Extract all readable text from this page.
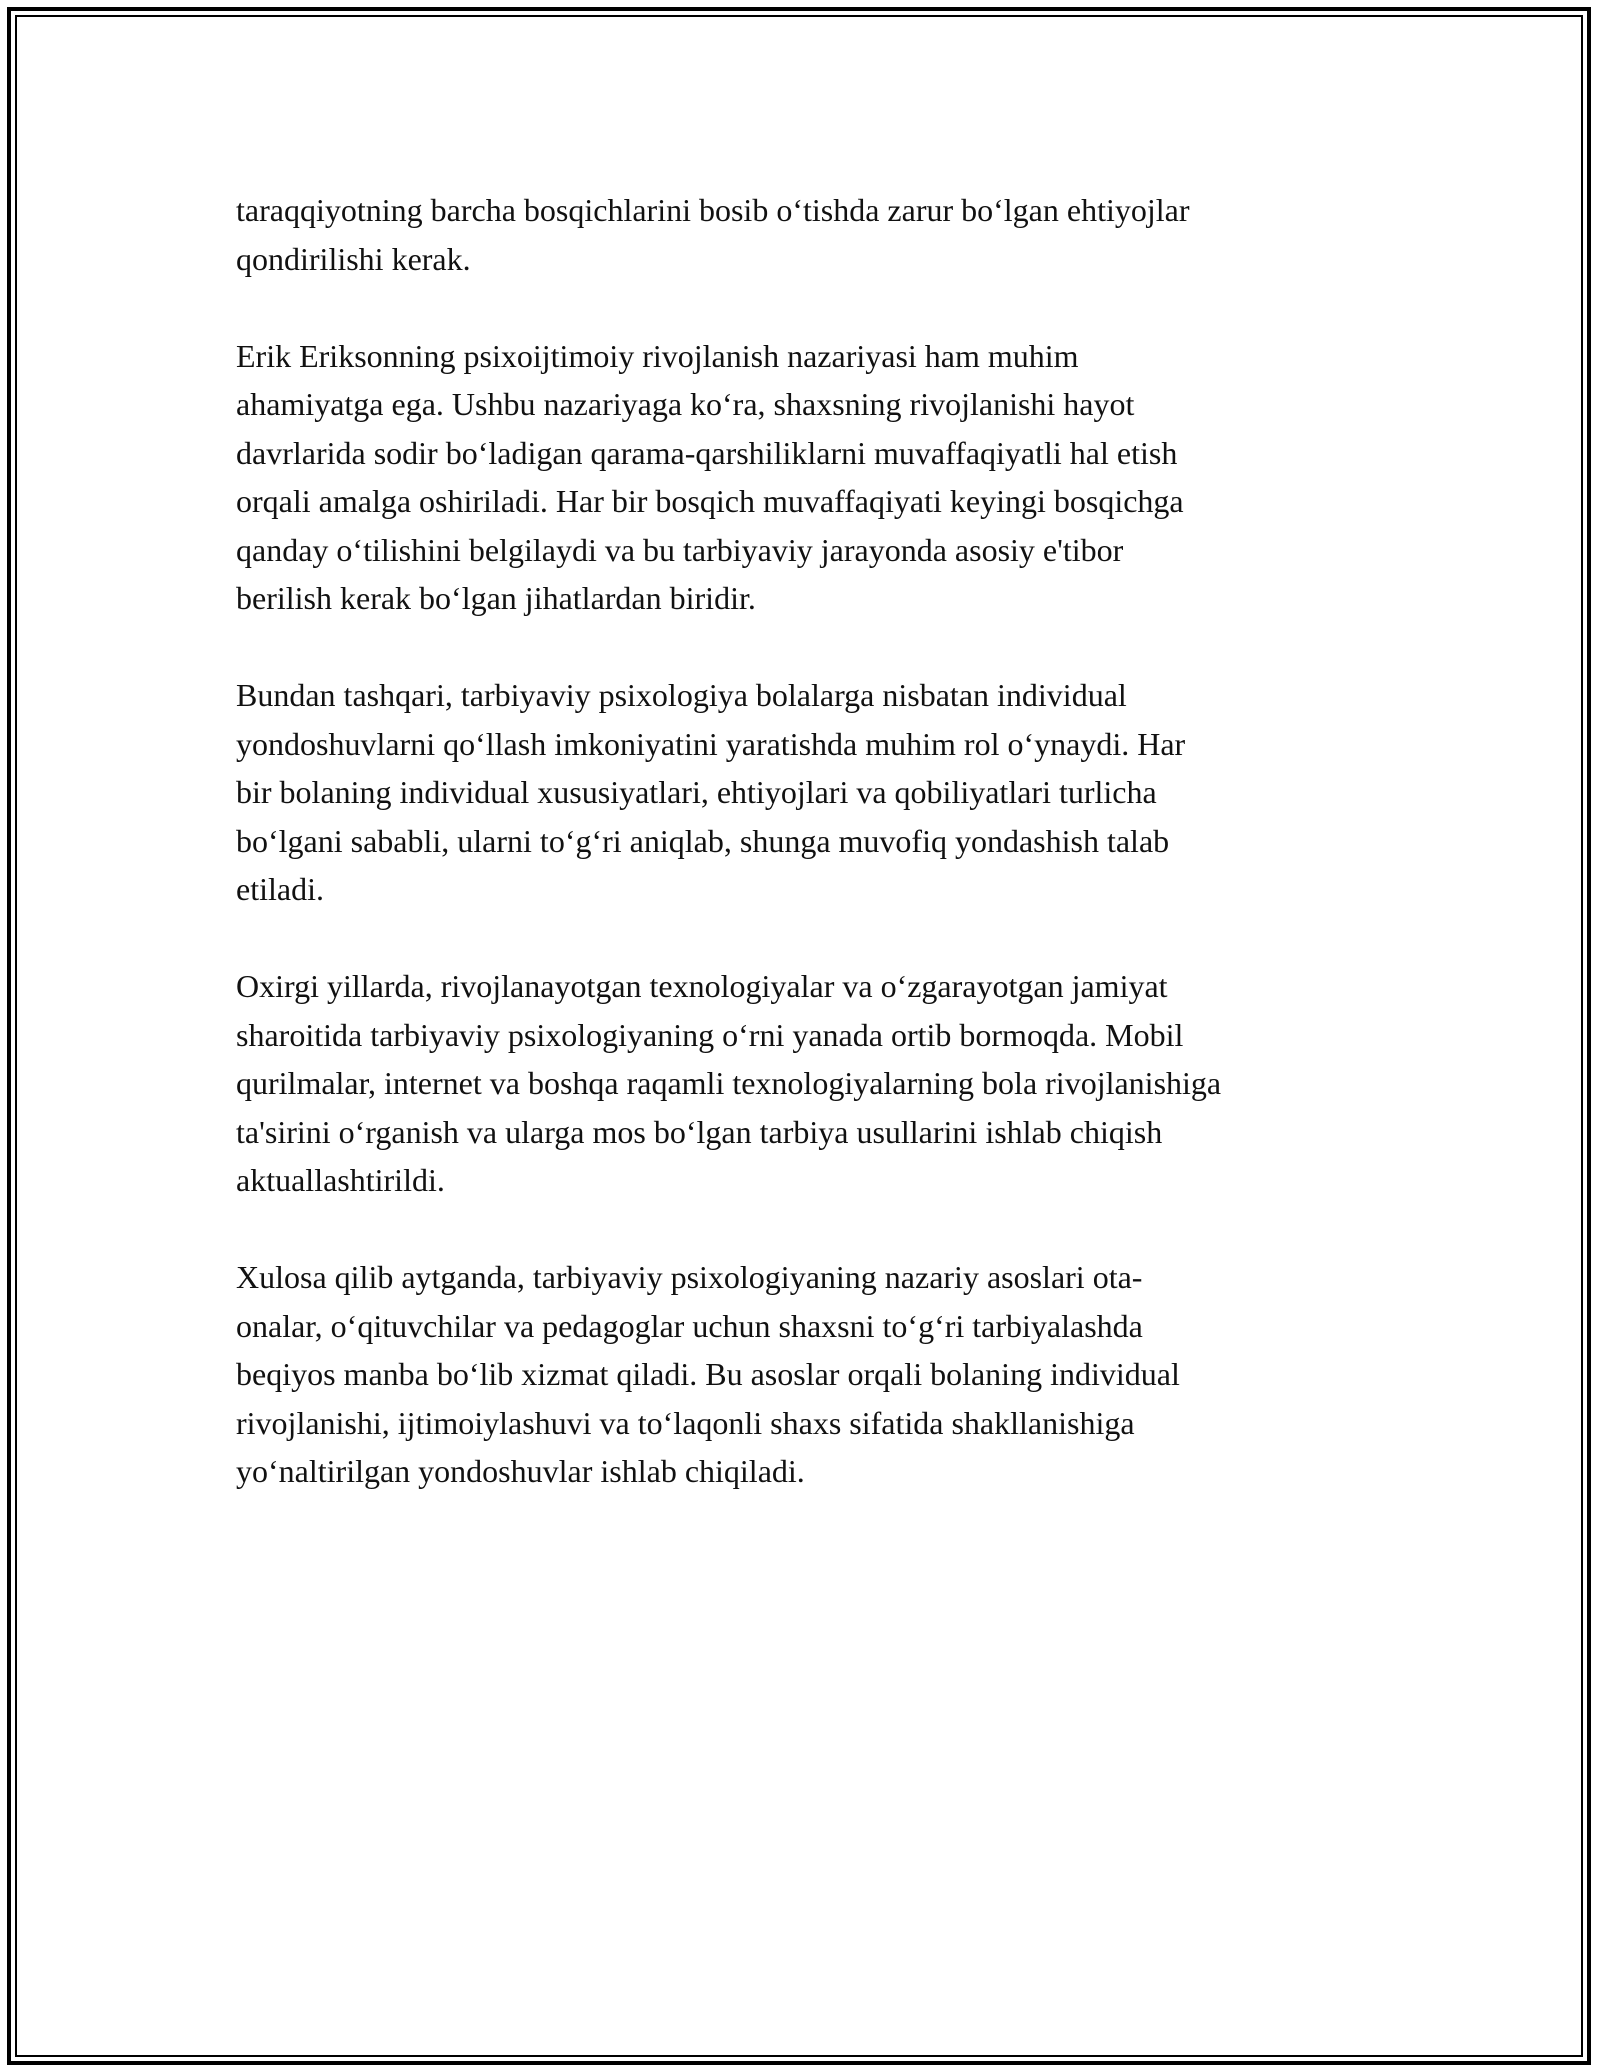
taraqqiyotning barcha bosqichlarini bosib o‘tishda zarur bo‘lgan ehtiyojlar
qondirilishi kerak.

Erik Eriksonning psixoijtimoiy rivojlanish nazariyasi ham muhim
ahamiyatga ega. Ushbu nazariyaga ko‘ra, shaxsning rivojlanishi hayot
davrlarida sodir bo‘ladigan qarama-qarshiliklarni muvaffaqiyatli hal etish
orqali amalga oshiriladi. Har bir bosqich muvaffaqiyati keyingi bosqichga
qanday o‘tilishini belgilaydi va bu tarbiyaviy jarayonda asosiy e'tibor
berilish kerak bo‘lgan jihatlardan biridir.

Bundan tashqari, tarbiyaviy psixologiya bolalarga nisbatan individual
yondoshuvlarni qo‘llash imkoniyatini yaratishda muhim rol o‘ynaydi. Har
bir bolaning individual xususiyatlari, ehtiyojlari va qobiliyatlari turlicha
bo‘lgani sababli, ularni to‘g‘ri aniqlab, shunga muvofiq yondashish talab
etiladi.

Oxirgi yillarda, rivojlanayotgan texnologiyalar va o‘zgarayotgan jamiyat
sharoitida tarbiyaviy psixologiyaning o‘rni yanada ortib bormoqda. Mobil
qurilmalar, internet va boshqa raqamli texnologiyalarning bola rivojlanishiga
ta'sirini o‘rganish va ularga mos bo‘lgan tarbiya usullarini ishlab chiqish
aktuallashtirildi.

Xulosa qilib aytganda, tarbiyaviy psixologiyaning nazariy asoslari ota-
onalar, o‘qituvchilar va pedagoglar uchun shaxsni to‘g‘ri tarbiyalashda
beqiyos manba bo‘lib xizmat qiladi. Bu asoslar orqali bolaning individual
rivojlanishi, ijtimoiylashuvi va to‘laqonli shaxs sifatida shakllanishiga
yo‘naltirilgan yondoshuvlar ishlab chiqiladi.
